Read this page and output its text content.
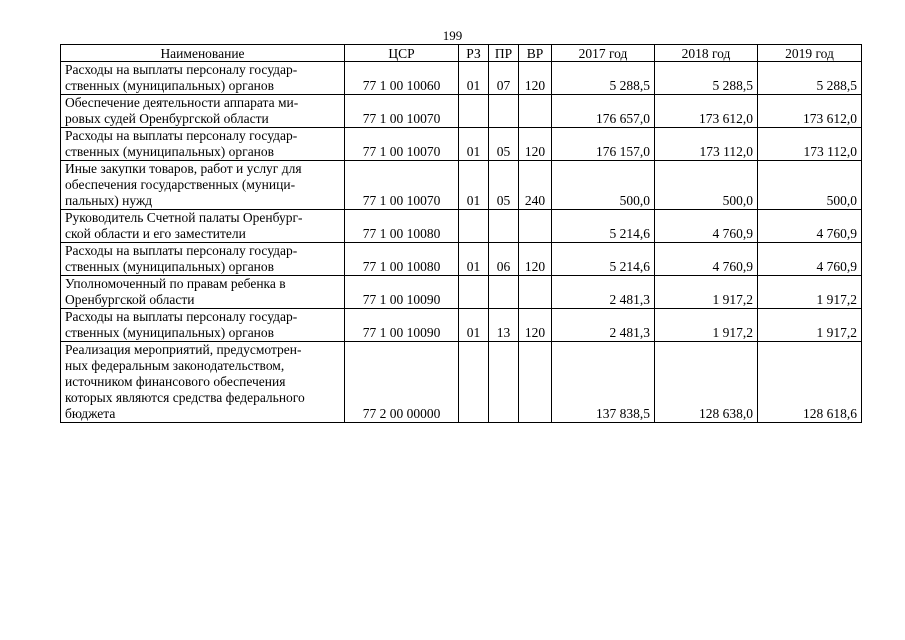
199
Наименование	ЦСР	РЗ	ПР	ВР	2017 год	2018 год	2019 год
Расходы на выплаты персоналу государ-
ственных (муниципальных) органов	77 1 00 10060	01	07	120	5 288,5	5 288,5	5 288,5
Обеспечение деятельности аппарата ми-
ровых судей Оренбургской области	77 1 00 10070				176 657,0	173 612,0	173 612,0
Расходы на выплаты персоналу государ-
ственных (муниципальных) органов	77 1 00 10070	01	05	120	176 157,0	173 112,0	173 112,0
Иные закупки товаров, работ и услуг для
обеспечения государственных (муници-
пальных) нужд	77 1 00 10070	01	05	240	500,0	500,0	500,0
Руководитель Счетной палаты Оренбург-
ской области и его заместители	77 1 00 10080				5 214,6	4 760,9	4 760,9
Расходы на выплаты персоналу государ-
ственных (муниципальных) органов	77 1 00 10080	01	06	120	5 214,6	4 760,9	4 760,9
Уполномоченный по правам ребенка в
Оренбургской области	77 1 00 10090				2 481,3	1 917,2	1 917,2
Расходы на выплаты персоналу государ-
ственных (муниципальных) органов	77 1 00 10090	01	13	120	2 481,3	1 917,2	1 917,2
Реализация мероприятий, предусмотрен-
ных федеральным законодательством,
источником финансового обеспечения
которых являются средства федерального
бюджета	77 2 00 00000				137 838,5	128 638,0	128 618,6
